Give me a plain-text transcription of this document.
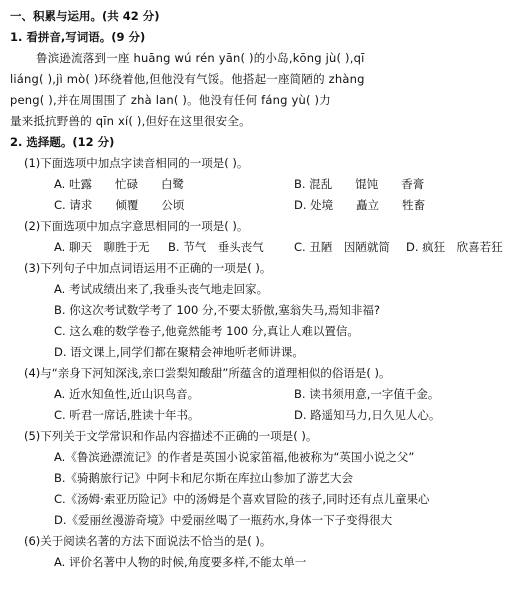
一、积累与运用。(共 42 分)
1. 看拼音,写词语。(9 分)
鲁滨逊流落到一座 huāng wú rén yān( )的小岛,kōng jù( ),qī
liáng( ),jì mò( )环绕着他,但他没有气馁。他搭起一座简陋的 zhàng
peng( ),并在周围围了 zhà lan( )。他没有任何 fáng yù( )力
量来抵抗野兽的 qīn xí( ),但好在这里很安全。
2. 选择题。(12 分)
(1)下面选项中加点字读音相同的一项是( )。
A. 吐露　　忙碌　　白鹭	B. 混乱　　馄饨　　香膏
C. 请求　　倾覆　　公顷	D. 处境　　矗立　　牲畜
(2)下面选项中加点字意思相同的一项是( )。
A. 聊天　聊胜于无 B. 节气　垂头丧气	C. 丑陋　因陋就简 D. 疯狂　欣喜若狂
(3)下列句子中加点词语运用不正确的一项是( )。
A. 考试成绩出来了,我垂头丧气地走回家。
B. 你这次考试数学考了 100 分,不要太骄傲,塞翁失马,焉知非福?
C. 这么难的数学卷子,他竟然能考 100 分,真让人难以置信。
D. 语文课上,同学们都在聚精会神地听老师讲课。
(4)与“亲身下河知深浅,亲口尝梨知酸甜”所蕴含的道理相似的俗语是( )。
A. 近水知鱼性,近山识鸟音。	B. 读书须用意,一字值千金。
C. 听君一席话,胜读十年书。	D. 路遥知马力,日久见人心。
(5)下列关于文学常识和作品内容描述不正确的一项是( )。
A.《鲁滨逊漂流记》的作者是英国小说家笛福,他被称为“英国小说之父”
B.《骑鹅旅行记》中阿卡和尼尔斯在库拉山参加了游艺大会
C.《汤姆·索亚历险记》中的汤姆是个喜欢冒险的孩子,同时还有点儿童果心
D.《爱丽丝漫游奇境》中爱丽丝喝了一瓶药水,身体一下子变得很大
(6)关于阅读名著的方法下面说法不恰当的是( )。
A. 评价名著中人物的时候,角度要多样,不能太单一
